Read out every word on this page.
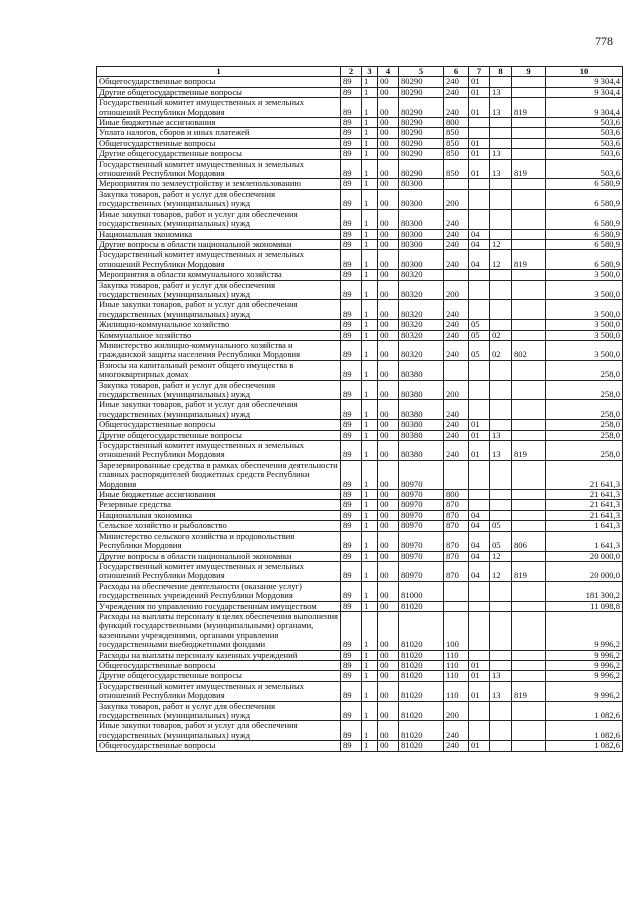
778
1	2	3	4	5	6	7	8	9	10
Общегосударственные вопросы	89	1	00	80290	240	01			9 304,4
Другие общегосударственные вопросы	89	1	00	80290	240	01	13		9 304,4
Государственный комитет имущественных и земельных отношений Республики Мордовия	89	1	00	80290	240	01	13	819	9 304,4
Иные бюджетные ассигнования	89	1	00	80290	800				503,6
Уплата налогов, сборов и иных платежей	89	1	00	80290	850				503,6
Общегосударственные вопросы	89	1	00	80290	850	01			503,6
Другие общегосударственные вопросы	89	1	00	80290	850	01	13		503,6
Государственный комитет имущественных и земельных отношений Республики Мордовия	89	1	00	80290	850	01	13	819	503,6
Мероприятия по землеустройству и землепользованию	89	1	00	80300					6 580,9
Закупка товаров, работ и услуг для обеспечения государственных (муниципальных) нужд	89	1	00	80300	200				6 580,9
Иные закупки товаров, работ и услуг для обеспечения государственных (муниципальных) нужд	89	1	00	80300	240				6 580,9
Национальная экономика	89	1	00	80300	240	04			6 580,9
Другие вопросы в области национальной экономики	89	1	00	80300	240	04	12		6 580,9
Государственный комитет имущественных и земельных отношений Республики Мордовия	89	1	00	80300	240	04	12	819	6 580,9
Мероприятия в области коммунального хозяйства	89	1	00	80320					3 500,0
Закупка товаров, работ и услуг для обеспечения государственных (муниципальных) нужд	89	1	00	80320	200				3 500,0
Иные закупки товаров, работ и услуг для обеспечения государственных (муниципальных) нужд	89	1	00	80320	240				3 500,0
Жилищно-коммунальное хозяйство	89	1	00	80320	240	05			3 500,0
Коммунальное хозяйство	89	1	00	80320	240	05	02		3 500,0
Министерство жилищно-коммунального хозяйства и гражданской защиты населения Республики Мордовия	89	1	00	80320	240	05	02	802	3 500,0
Взносы на капитальный ремонт общего имущества в многоквартирных домах	89	1	00	80380					258,0
Закупка товаров, работ и услуг для обеспечения государственных (муниципальных) нужд	89	1	00	80380	200				258,0
Иные закупки товаров, работ и услуг для обеспечения государственных (муниципальных) нужд	89	1	00	80380	240				258,0
Общегосударственные вопросы	89	1	00	80380	240	01			258,0
Другие общегосударственные вопросы	89	1	00	80380	240	01	13		258,0
Государственный комитет имущественных и земельных отношений Республики Мордовия	89	1	00	80380	240	01	13	819	258,0
Зарезервированные средства в рамках обеспечения деятельности главных распорядителей бюджетных средств Республики Мордовия	89	1	00	80970					21 641,3
Иные бюджетные ассигнования	89	1	00	80970	800				21 641,3
Резервные средства	89	1	00	80970	870				21 641,3
Национальная экономика	89	1	00	80970	870	04			21 641,3
Сельское хозяйство и рыболовство	89	1	00	80970	870	04	05		1 641,3
Министерство сельского хозяйства и продовольствия Республики Мордовия	89	1	00	80970	870	04	05	806	1 641,3
Другие вопросы в области национальной экономики	89	1	00	80970	870	04	12		20 000,0
Государственный комитет имущественных и земельных отношений Республики Мордовия	89	1	00	80970	870	04	12	819	20 000,0
Расходы на обеспечение деятельности (оказание услуг) государственных учреждений Республики Мордовия	89	1	00	81000					181 300,2
Учреждения по управлению государственным имуществом	89	1	00	81020					11 098,8
Расходы на выплаты персоналу в целях обеспечения выполнения функций государственными (муниципальными) органами, казенными учреждениями, органами управления государственными внебюджетными фондами	89	1	00	81020	100				9 996,2
Расходы на выплаты персоналу казенных учреждений	89	1	00	81020	110				9 996,2
Общегосударственные вопросы	89	1	00	81020	110	01			9 996,2
Другие общегосударственные вопросы	89	1	00	81020	110	01	13		9 996,2
Государственный комитет имущественных и земельных отношений Республики Мордовия	89	1	00	81020	110	01	13	819	9 996,2
Закупка товаров, работ и услуг для обеспечения государственных (муниципальных) нужд	89	1	00	81020	200				1 082,6
Иные закупки товаров, работ и услуг для обеспечения государственных (муниципальных) нужд	89	1	00	81020	240				1 082,6
Общегосударственные вопросы	89	1	00	81020	240	01			1 082,6
